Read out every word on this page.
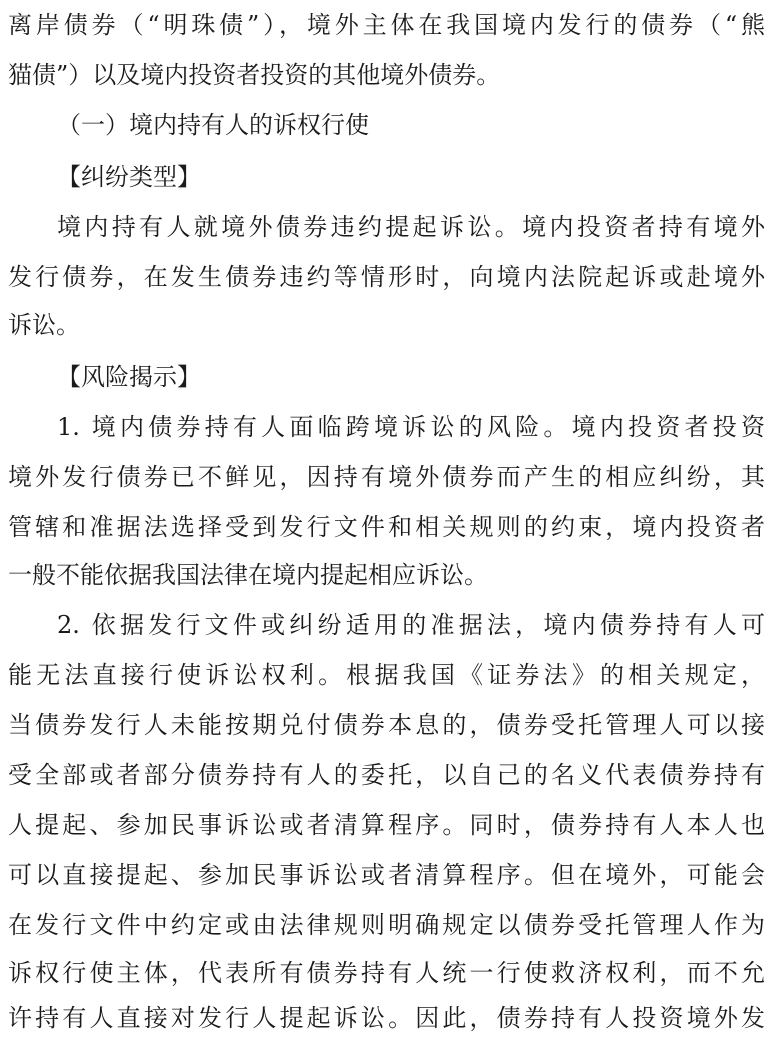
离岸债券（“明珠债”），境外主体在我国境内发行的债券（“熊
猫债”）以及境内投资者投资的其他境外债券。
（一）境内持有人的诉权行使
【纠纷类型】
境内持有人就境外债券违约提起诉讼。境内投资者持有境外
发行债券，在发生债券违约等情形时，向境内法院起诉或赴境外
诉讼。
【风险揭示】
1. 境内债券持有人面临跨境诉讼的风险。境内投资者投资
境外发行债券已不鲜见，因持有境外债券而产生的相应纠纷，其
管辖和准据法选择受到发行文件和相关规则的约束，境内投资者
一般不能依据我国法律在境内提起相应诉讼。
2. 依据发行文件或纠纷适用的准据法，境内债券持有人可
能无法直接行使诉讼权利。根据我国《证券法》的相关规定，
当债券发行人未能按期兑付债券本息的，债券受托管理人可以接
受全部或者部分债券持有人的委托，以自己的名义代表债券持有
人提起、参加民事诉讼或者清算程序。同时，债券持有人本人也
可以直接提起、参加民事诉讼或者清算程序。但在境外，可能会
在发行文件中约定或由法律规则明确规定以债券受托管理人作为
诉权行使主体，代表所有债券持有人统一行使救济权利，而不允
许持有人直接对发行人提起诉讼。因此，债券持有人投资境外发
